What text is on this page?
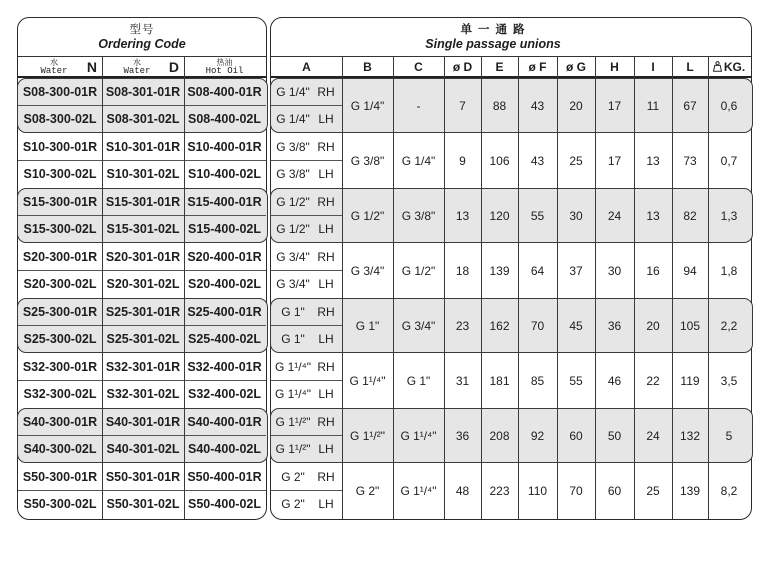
型号
Ordering Code
水
Water N	水
Water D	热油
Hot Oil
S08-300-01R S08-301-01R S08-400-01R
S08-300-02L S08-301-02L S08-400-02L
S10-300-01R S10-301-01R S10-400-01R
S10-300-02L S10-301-02L S10-400-02L
S15-300-01R S15-301-01R S15-400-01R
S15-300-02L S15-301-02L S15-400-02L
S20-300-01R S20-301-01R S20-400-01R
S20-300-02L S20-301-02L S20-400-02L
S25-300-01R S25-301-01R S25-400-01R
S25-300-02L S25-301-02L S25-400-02L
S32-300-01R S32-301-01R S32-400-01R
S32-300-02L S32-301-02L S32-400-02L
S40-300-01R S40-301-01R S40-400-01R
S40-300-02L S40-301-02L S40-400-02L
S50-300-01R S50-301-01R S50-400-01R
S50-300-02L S50-301-02L S50-400-02L
单 一 通 路
Single passage unions
A	B	C	ø D E ø F ø G H	I	L	KG.
G 1/4" RH
G 1/4" LH
G 1/4"	-	7	88	43	20	17	11	67	0,6
G 3/8" RH
G 3/8" LH
G 3/8"	G 1/4"	9	106	43	25	17	13	73	0,7
G 1/2" RH
G 1/2" LH
G 1/2"	G 3/8"	13	120	55	30	24	13	82	1,3
G 3/4" RH
G 3/4" LH
G 3/4"	G 1/2"	18	139	64	37	30	16	94	1,8
G 1"	RH
G 1"	LH
G 1"	G 3/4"	23	162	70	45	36	20	105	2,2
G 1¹/⁴" RH
G 1¹/⁴" LH
G 1¹/⁴"	G 1"	31	181	85	55	46	22	119	3,5
G 1¹/²" RH
G 1¹/²" LH
G 1¹/²"	G 1¹/⁴"	36	208	92	60	50	24	132	5
G 2"	RH
G 2"	LH
G 2"	G 1¹/⁴"	48	223	110	70	60	25	139	8,2
